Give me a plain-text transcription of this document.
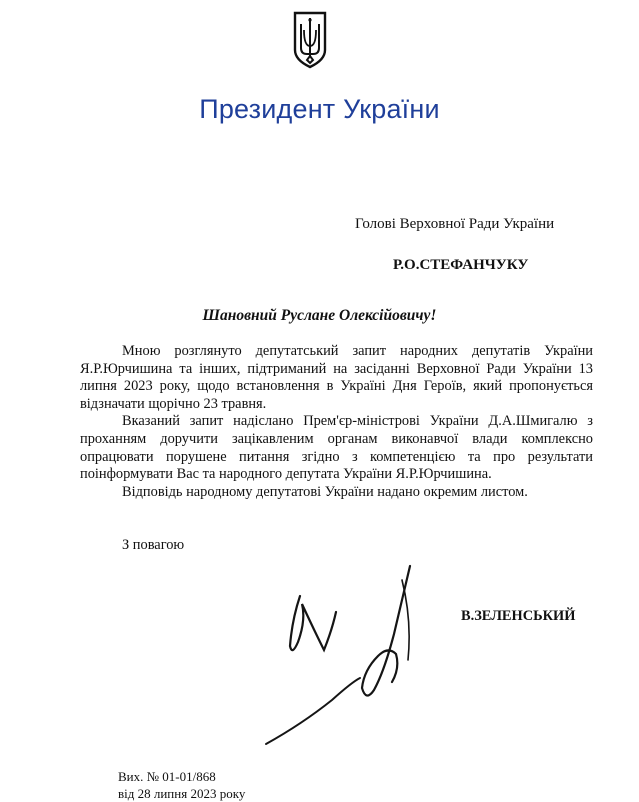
Президент України
Голові Верховної Ради України
Р.О.СТЕФАНЧУКУ
Шановний Руслане Олексійовичу!

Мною розглянуто депутатський запит народних депутатів України Я.Р.Юрчишина та інших, підтриманий на засіданні Верховної Ради України 13 липня 2023 року, щодо встановлення в Україні Дня Героїв, який пропонується відзначати щорічно 23 травня.

Вказаний запит надіслано Прем'єр-міністрові України Д.А.Шмигалю з проханням доручити зацікавленим органам виконавчої влади комплексно опрацювати порушене питання згідно з компетенцією та про результати поінформувати Вас та народного депутата України Я.Р.Юрчишина.

Відповідь народному депутатові України надано окремим листом.

З повагою
В.ЗЕЛЕНСЬКИЙ
Вих. № 01-01/868
від 28 липня 2023 року
